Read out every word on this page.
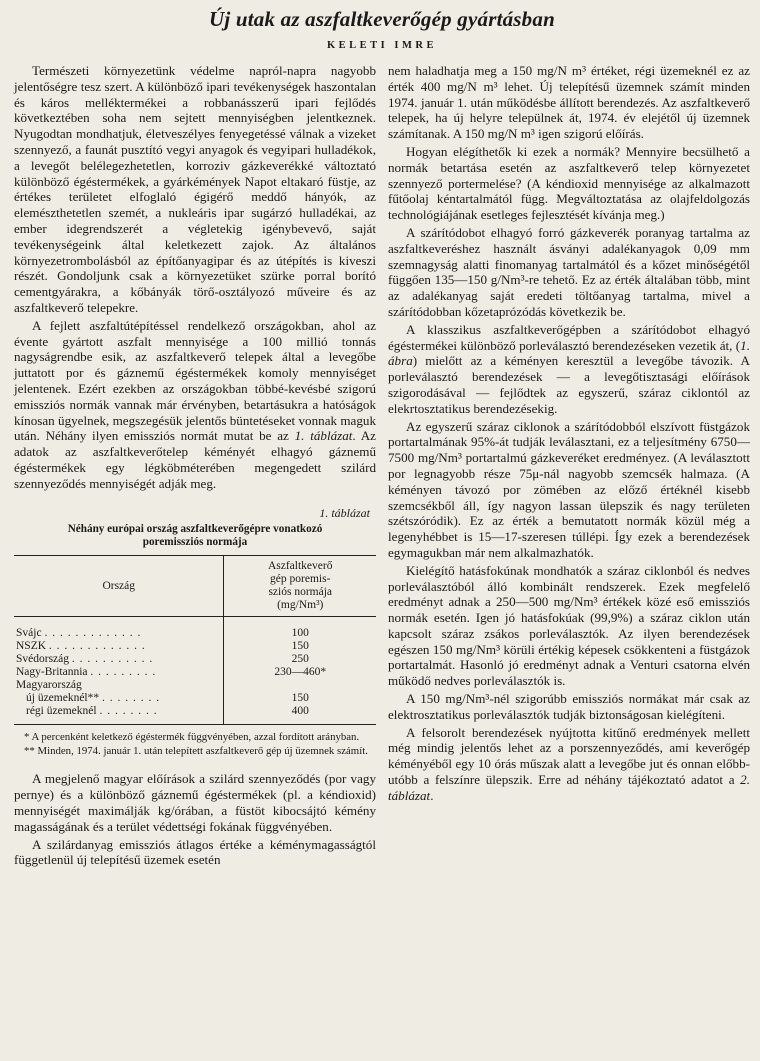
Új utak az aszfaltkeverőgép gyártásban
KELETI IMRE

Természeti környezetünk védelme napról-napra nagyobb jelentőségre tesz szert. A különböző ipari tevékenységek haszontalan és káros melléktermékei a robbanásszerű ipari fejlődés következtében soha nem sejtett mennyiségben jelentkeznek. Nyugodtan mondhatjuk, életveszélyes fenyegetéssé válnak a vizeket szennyező, a faunát pusztító vegyi anyagok és vegyipari hulladékok, a levegőt belélegezhetetlen, korroziv gázkeverékké változtató különböző égéstermékek, a gyárkémények Napot eltakaró füstje, az értékes területet elfoglaló égigérő meddő hányók, az elemészthetetlen szemét, a nukleáris ipar sugárzó hulladékai, az ember idegrendszerét a végletekig igénybevevő, saját tevékenységeink által keletkezett zajok. Az általános környezetrombolásból az építőanyagipar és az útépítés is kiveszi részét. Gondoljunk csak a környezetüket szürke porral borító cementgyárakra, a kőbányák törő-osztályozó műveire és az aszfaltkeverő telepekre.

A fejlett aszfaltútépítéssel rendelkező országokban, ahol az évente gyártott aszfalt mennyisége a 100 millió tonnás nagyságrendbe esik, az aszfaltkeverő telepek által a levegőbe juttatott por és gáznemű égéstermékek komoly mennyiséget jelentenek. Ezért ezekben az országokban többé-kevésbé szigorú emissziós normák vannak már érvényben, betartásukra a hatóságok kínosan ügyelnek, megszegésük jelentős büntetéseket vonnak maguk után. Néhány ilyen emissziós normát mutat be az 1. táblázat. Az adatok az aszfaltkeverőtelep kéményét elhagyó gáznemű égéstermékek egy légköbméterében megengedett szilárd szennyeződés mennyiségét adják meg.

1. táblázat
Néhány európai ország aszfaltkeverőgépre vonatkozó
poremissziós normája
Ország	Aszfaltkeverő
gép poremis-
sziós normája
(mg/Nm³)

Svájc . . . . . . . . . . . . .	100
NSZK . . . . . . . . . . . . .	150
Svédország . . . . . . . . . . .	250
Nagy-Britannia . . . . . . . . .	230—460*
Magyarország	
új üzemeknél** . . . . . . . .	150
régi üzemeknél . . . . . . . .	400
* A percenként keletkező égéstermék függvényében, azzal fordított arányban.
** Minden, 1974. január 1. után telepített aszfaltkeverő gép új üzemnek számít.

A megjelenő magyar előírások a szilárd szennyeződés (por vagy pernye) és a különböző gáznemű égéstermékek (pl. a kéndioxid) mennyiségét maximálják kg/órában, a füstöt kibocsájtó kémény magasságának és a terület védettségi fokának függvényében.

A szilárdanyag emissziós átlagos értéke a kéménymagasságtól függetlenül új telepítésű üzemek esetén

nem haladhatja meg a 150 mg/N m³ értéket, régi üzemeknél ez az érték 400 mg/N m³ lehet. Új telepítésű üzemnek számít minden 1974. január 1. után működésbe állított berendezés. Az aszfaltkeverő telepek, ha új helyre települnek át, 1974. év elejétől új üzemnek számítanak. A 150 mg/N m³ igen szigorú előírás.

Hogyan elégíthetők ki ezek a normák? Mennyire becsülhető a normák betartása esetén az aszfaltkeverő telep környezetet szennyező portermelése? (A kéndioxid mennyisége az alkalmazott fűtőolaj kéntartalmától függ. Megváltoztatása az olajfeldolgozás technológiájának esetleges fejlesztését kívánja meg.)

A szárítódobot elhagyó forró gázkeverék poranyag tartalma az aszfaltkeveréshez használt ásványi adalékanyagok 0,09 mm szemnagyság alatti finomanyag tartalmától és a kőzet minőségétől függően 135—150 g/Nm³-re tehető. Ez az érték általában több, mint az adalékanyag saját eredeti töltőanyag tartalma, mivel a szárítódobban kőzetaprózódás következik be.

A klasszikus aszfaltkeverőgépben a szárítódobot elhagyó égéstermékei különböző porleválasztó berendezéseken vezetik át, (1. ábra) mielőtt az a kéményen keresztül a levegőbe távozik. A porleválasztó berendezések — a levegőtisztasági előírások szigorodásával — fejlődtek az egyszerű, száraz ciklontól az elekrtosztatikus berendezésekig.

Az egyszerű száraz ciklonok a szárítódobból elszívott füstgázok portartalmának 95%-át tudják leválasztani, ez a teljesítmény 6750—7500 mg/Nm³ portartalmú gázkeveréket eredményez. (A leválasztott por legnagyobb része 75μ-nál nagyobb szemcsék halmaza. (A kéményen távozó por zömében az előző értéknél kisebb szemcsékből áll, így nagyon lassan ülepszik és nagy területen szétszóródik). Ez az érték a bemutatott normák közül még a legenyhébbet is 15—17-szeresen túllépi. Így ezek a berendezések egymagukban már nem alkalmazhatók.

Kielégítő hatásfokúnak mondhatók a száraz ciklonból és nedves porleválasztóból álló kombinált rendszerek. Ezek megfelelő eredményt adnak a 250—500 mg/Nm³ értékek közé eső emissziós normák esetén. Igen jó hatásfokúak (99,9%) a száraz ciklon után kapcsolt száraz zsákos porleválasztók. Az ilyen berendezések egészen 150 mg/Nm³ körüli értékig képesek csökkenteni a füstgázok portartalmát. Hasonló jó eredményt adnak a Venturi csatorna elvén működő nedves porleválasztók is.

A 150 mg/Nm³-nél szigorúbb emissziós normákat már csak az elektrosztatikus porleválasztók tudják biztonságosan kielégíteni.

A felsorolt berendezések nyújtotta kitűnő eredmények mellett még mindig jelentős lehet az a porszennyeződés, ami keverőgép kéményéből egy 10 órás műszak alatt a levegőbe jut és onnan előbb-utóbb a felszínre ülepszik. Erre ad néhány tájékoztató adatot a 2. táblázat.
